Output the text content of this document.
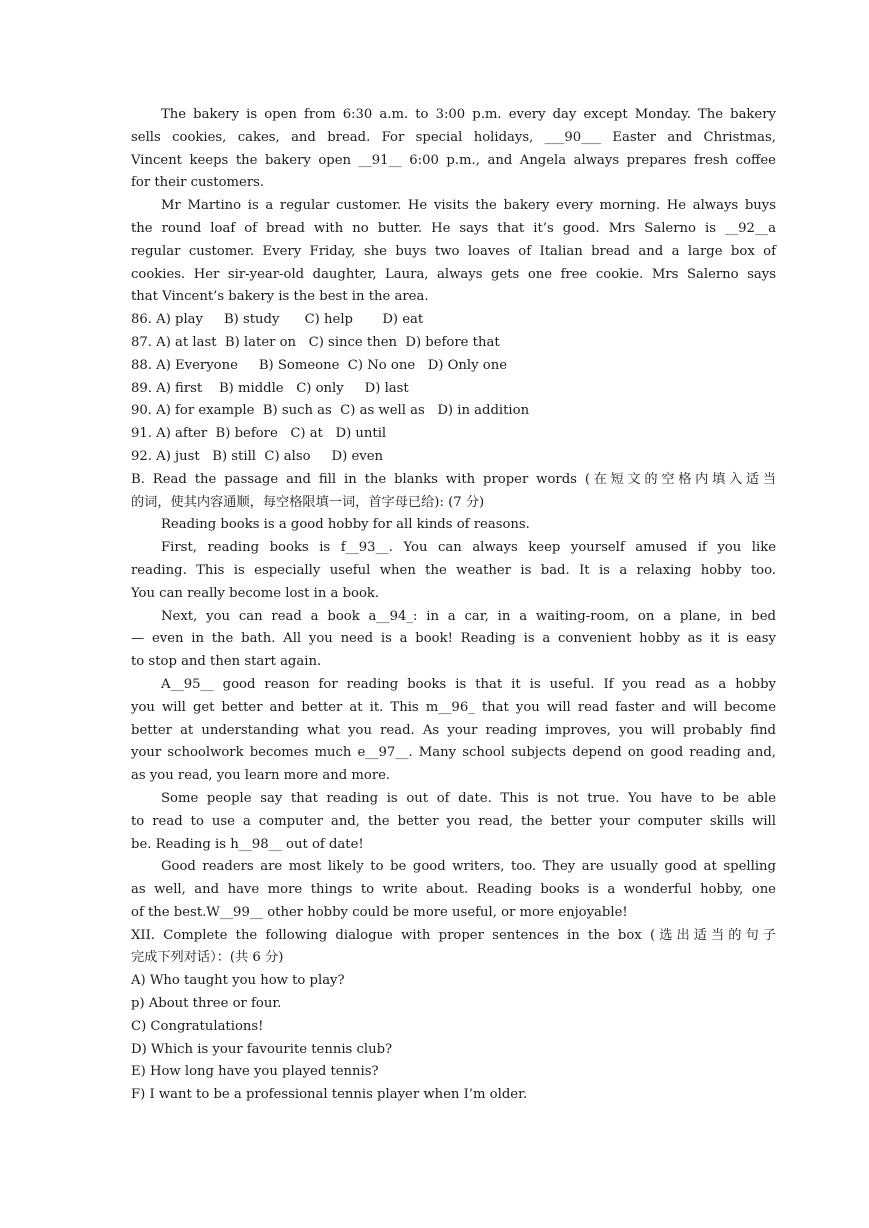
The bakery is open from 6:30 a.m. to 3:00 p.m. every day except Monday. The bakery
sells cookies, cakes, and bread. For special holidays, ___90___ Easter and Christmas,
Vincent keeps the bakery open __91__ 6:00 p.m., and Angela always prepares fresh coffee
for their customers.
Mr Martino is a regular customer. He visits the bakery every morning. He always buys
the round loaf of bread with no butter. He says that it’s good. Mrs Salerno is __92__a
regular customer. Every Friday, she buys two loaves of Italian bread and a large box of
cookies. Her sir-year-old daughter, Laura, always gets one free cookie. Mrs Salerno says
that Vincent’s bakery is the best in the area.
86. A) play     B) study      C) help       D) eat
87. A) at last  B) later on   C) since then  D) before that
88. A) Everyone     B) Someone  C) No one   D) Only one
89. A) first    B) middle   C) only     D) last
90. A) for example  B) such as  C) as well as   D) in addition
91. A) after  B) before   C) at   D) until
92. A) just   B) still  C) also     D) even
B. Read the passage and fill in the blanks with proper words (在短文的空格内填入适当
的词，使其内容通顺，每空格限填一词，首字母已给): (7 分)
Reading books is a good hobby for all kinds of reasons.
First, reading books is f__93__. You can always keep yourself amused if you like
reading. This is especially useful when the weather is bad. It is a relaxing hobby too.
You can really become lost in a book.
Next, you can read a book a__94_: in a car, in a waiting-room, on a plane, in bed
— even in the bath. All you need is a book! Reading is a convenient hobby as it is easy
to stop and then start again.
A__95__ good reason for reading books is that it is useful. If you read as a hobby
you will get better and better at it. This m__96_ that you will read faster and will become
better at understanding what you read. As your reading improves, you will probably find
your schoolwork becomes much e__97__. Many school subjects depend on good reading and,
as you read, you learn more and more.
Some people say that reading is out of date. This is not true. You have to be able
to read to use a computer and, the better you read, the better your computer skills will
be. Reading is h__98__ out of date!
Good readers are most likely to be good writers, too. They are usually good at spelling
as well, and have more things to write about. Reading books is a wonderful hobby, one
of the best.W__99__ other hobby could be more useful, or more enjoyable!
XII. Complete the following dialogue with proper sentences in the box (选出适当的句子
完成下列对话）：(共 6 分)
A) Who taught you how to play?
p) About three or four.
C) Congratulations!
D) Which is your favourite tennis club?
E) How long have you played tennis?
F) I want to be a professional tennis player when I’m older.
